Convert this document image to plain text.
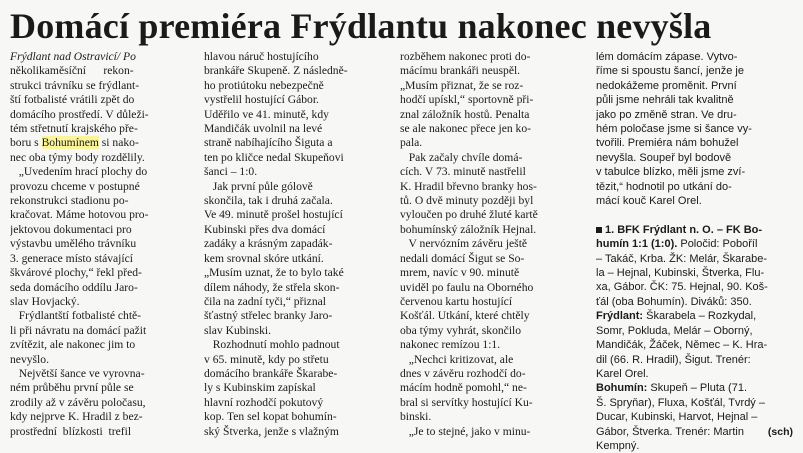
Domácí premiéra Frýdlantu nakonec nevyšla
Frýdlant nad Ostravicí/ Po
několikaměsíční      rekon-
strukci trávníku se frýdlant-
ští fotbalisté vrátili zpět do
domácího prostředí. V důleži-
tém střetnutí krajského pře-
boru s Bohumínem si nako-
nec oba týmy body rozdělily.
„Uvedením hrací plochy do
provozu chceme v postupné
rekonstrukci stadionu po-
kračovat. Máme hotovou pro-
jektovou dokumentaci pro
výstavbu umělého trávníku
3. generace místo stávající
škvárové plochy,“ řekl před-
seda domácího oddílu Jaro-
slav Hovjacký.
Frýdlantští fotbalisté chtě-
li při návratu na domácí pažit
zvítězit, ale nakonec jim to
nevyšlo.
Největší šance ve vyrovna-
ném průběhu první půle se
zrodily až v závěru poločasu,
kdy nejprve K. Hradil z bez-
prostřední  blízkosti  trefil
hlavou náruč hostujícího
brankáře Skupeně. Z následně-
ho protiútoku nebezpečně
vystřelil hostující Gábor.
Uděřilo ve 41. minutě, kdy
Mandičák uvolnil na levé
straně nabíhajícího Šiguta a
ten po kličce nedal Skupeňovi
šanci – 1:0.
Jak první půle gólově
skončila, tak i druhá začala.
Ve 49. minutě prošel hostující
Kubinski přes dva domácí
zadáky a krásným zapadák-
kem srovnal skóre utkání.
„Musím uznat, že to bylo také
dílem náhody, že střela skon-
čila na zadní tyči,“ přiznal
šťastný střelec branky Jaro-
slav Kubinski.
Rozhodnutí mohlo padnout
v 65. minutě, kdy po střetu
domácího brankáře Škarabe-
ly s Kubinskim zapískal
hlavní rozhodčí pokutový
kop. Ten sel kopat bohumín-
ský Štverka, jenže s vlažným
rozběhem nakonec proti do-
mácímu brankáři neuspěl.
„Musím přiznat, že se roz-
hodčí upískl,“ sportovně při-
znal záložník hostů. Penalta
se ale nakonec přece jen ko-
pala.
Pak začaly chvíle domá-
cích. V 73. minutě nastřelil
K. Hradil břevno branky hos-
tů. O dvě minuty později byl
vyloučen po druhé žluté kartě
bohumínský záložník Hejnal.
V nervózním závěru ještě
nedali domácí Šigut se So-
mrem, navíc v 90. minutě
uviděl po faulu na Oborného
červenou kartu hostující
Košťál. Utkání, které chtěly
oba týmy vyhrát, skončilo
nakonec remízou 1:1.
„Nechci kritizovat, ale
dnes v závěru rozhodčí do-
mácím hodně pomohl,“ ne-
bral si servítky hostující Ku-
binski.
„Je to stejné, jako v minu-
lém domácím zápase. Vytvo-
říme si spoustu šancí, jenže je
nedokážeme proměnit. První
půli jsme nehráli tak kvalitně
jako po změně stran. Ve dru-
hém poločase jsme si šance vy-
tvořili. Premiéra nám bohužel
nevyšla. Soupeř byl bodově
v tabulce blízko, měli jsme zví-
tězit,“ hodnotil po utkání do-
mácí kouč Karel Orel.
1. BFK Frýdlant n. O. – FK Bo-
humín 1:1 (1:0). Poločid: Poboříl
– Takáč, Krba. ŽK: Melár, Škarabe-
la – Hejnal, Kubinski, Štverka, Flu-
xa, Gábor. ČK: 75. Hejnal, 90. Koš-
ťál (oba Bohumín). Diváků: 350.
Frýdlant: Škarabela – Rozkydal,
Somr, Pokluda, Melár – Oborný,
Mandičák, Žáček, Němec – K. Hra-
dil (66. R. Hradil), Šigut. Trenér:
Karel Orel.
Bohumín: Skupeň – Pluta (71.
Š. Spryňar), Fluxa, Košťál, Tvrdý –
Ducar, Kubinski, Harvot, Hejnal –
Gábor, Štverka. Trenér: Martin
Kempný.
(sch)
